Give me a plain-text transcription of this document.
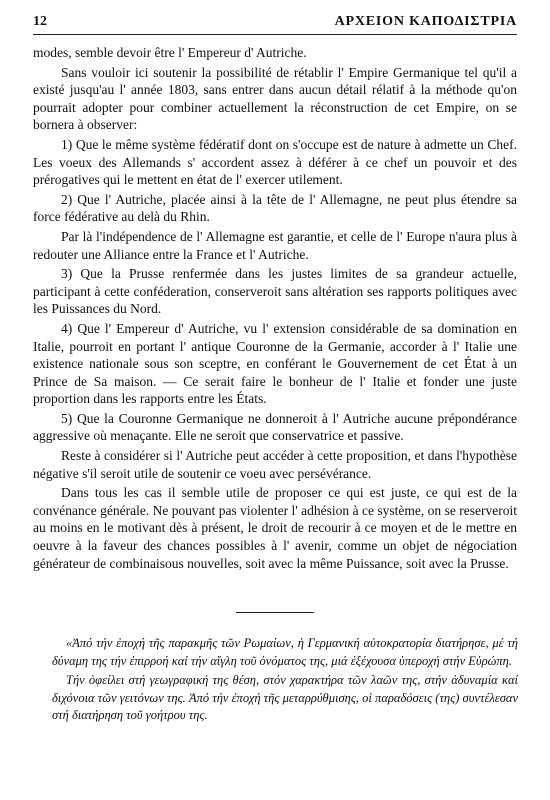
12	ΑΡΧΕΙΟΝ ΚΑΠΟΔΙΣΤΡΙΑ

modes, semble devoir être l' Empereur d' Autriche.

Sans vouloir ici soutenir la possibilité de rétablir l' Empire Germanique tel qu'il a existé jusqu'au l' année 1803, sans entrer dans aucun détail rélatif à la méthode qu'on pourrait adopter pour combiner actuellement la réconstruction de cet Empire, on se bornera à observer:

1) Que le même système fédératif dont on s'occupe est de nature à admette un Chef. Les voeux des Allemands s' accordent assez à déférer à ce chef un pouvoir et des prérogatives qui le mettent en état de l' exercer utilement.

2) Que l' Autriche, placée ainsi à la tête de l' Allemagne, ne peut plus étendre sa force fédérative au delà du Rhin.

Par là l'indépendence de l' Allemagne est garantie, et celle de l' Europe n'aura plus à redouter une Alliance entre la France et l' Autriche.

3) Que la Prusse renfermée dans les justes limites de sa grandeur actuelle, participant à cette conféderation, conserveroit sans altération ses rapports politiques avec les Puissances du Nord.

4) Que l' Empereur d' Autriche, vu l' extension considérable de sa domination en Italie, pourroit en portant l' antique Couronne de la Germanie, accorder à l' Italie une existence nationale sous son sceptre, en conférant le Gouvernement de cet État à un Prince de Sa maison. — Ce serait faire le bonheur de l' Italie et fonder une juste proportion dans les rapports entre les États.

5) Que la Couronne Germanique ne donneroit à l' Autriche aucune prépondérance aggressive où menaçante. Elle ne seroit que conservatrice et passive.

Reste à considérer si l' Autriche peut accéder à cette proposition, et dans l'hypothèse négative s'il seroit utile de soutenir ce voeu avec persévérance.

Dans tous les cas il semble utile de proposer ce qui est juste, ce qui est de la convénance générale. Ne pouvant pas violenter l' adhésion à ce système, on se reserveroit au moins en le motivant dès à présent, le droit de recourir à ce moyen et de le mettre en oeuvre à la faveur des chances possibles à l' avenir, comme un objet de négociation générateur de combinaisous nouvelles, soit avec la même Puissance, soit avec la Prusse.

«Ἀπό τήν ἐποχή τῆς παρακμῆς τῶν Ρωμαίων, ἡ Γερμανική αὐτοκρατορία διατήρησε, μέ τή δύναμη της τήν ἐπιρροή καί τήν αἴγλη τοῦ ὀνόματος της, μιά ἐξέχουσα ὑπεροχή στήν Εὐρώπη.

Τήν ὀφείλει στή γεωγραφική της θέση, στόν χαρακτήρα τῶν λαῶν της, στήν ἀδυναμία καί διχόνοια τῶν γειτόνων της. Ἀπό τήν ἐποχή τῆς μεταρρύθμισης, οἱ παραδόσεις (της) συντέλεσαν στή διατήρηση τοῦ γοήτρου της.
